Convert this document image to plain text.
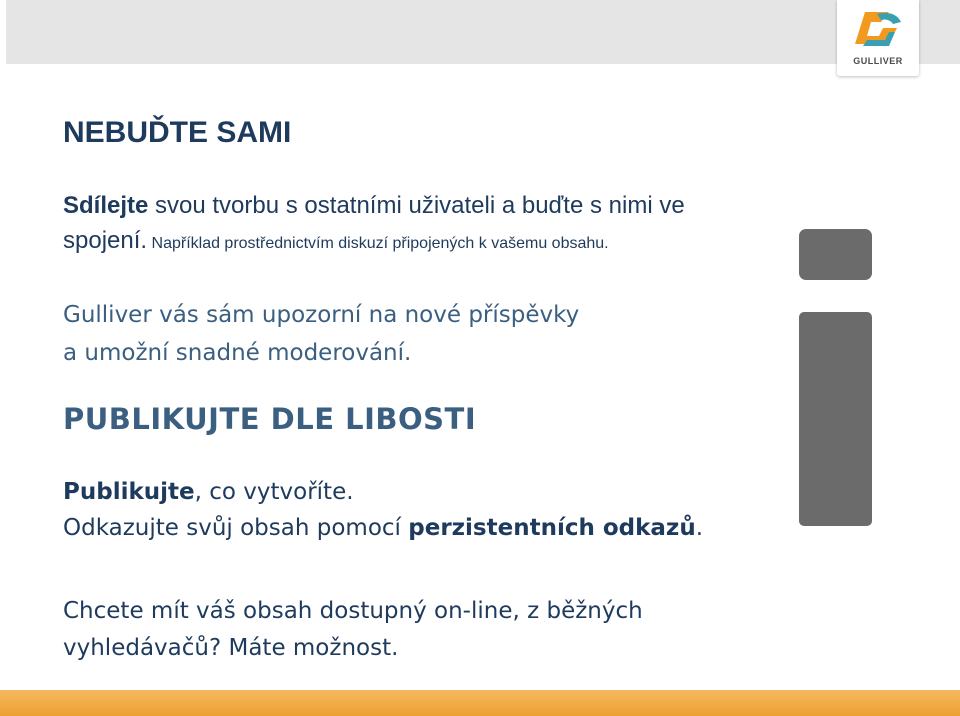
GULLIVER
NEBUĎTE SAMI

Sdílejte svou tvorbu s ostatními uživateli a buďte s nimi ve spojení. Například prostřednictvím diskuzí připojených k vašemu obsahu.

Gulliver vás sám upozorní na nové příspěvky
a umožní snadné moderování.

PUBLIKUJTE DLE LIBOSTI

Publikujte, co vytvoříte.

Odkazujte svůj obsah pomocí perzistentních odkazů.

Chcete mít váš obsah dostupný on-line, z běžných
vyhledávačů? Máte možnost.
